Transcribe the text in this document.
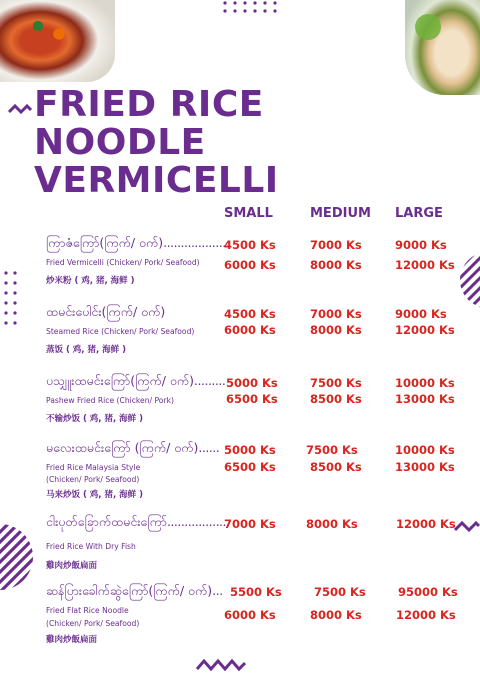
FRIED RICE
NOODLE
VERMICELLI
SMALL	MEDIUM LARGE
ကြာဇံကြော်(ကြက်/ ဝက်)...................
Fried Vermicelli (Chicken/ Pork/ Seafood)
炒米粉 ( 鸡, 猪, 海鲜 )
4500 Ks	7000 Ks	9000 Ks
6000 Ks	8000 Ks	12000 Ks
ထမင်းပေါင်း(ကြက်/ ဝက်)
Steamed Rice (Chicken/ Pork/ Seafood)
蒸饭 ( 鸡, 猪, 海鲜 )
4500 Ks	7000 Ks	9000 Ks
6000 Ks	8000 Ks	12000 Ks
ပသျှူးထမင်းကြော်(ကြက်/ ဝက်).........
Pashew Fried Rice (Chicken/ Pork)
不输炒饭 ( 鸡, 猪, 海鲜 )
5000 Ks	7500 Ks	10000 Ks
6500 Ks	8500 Ks	13000 Ks
မလေးထမင်းကြော် (ကြက်/ ဝက်)......
Fried Rice Malaysia Style
(Chicken/ Pork/ Seafood)
马来炒饭 ( 鸡, 猪, 海鲜 )
5000 Ks	7500 Ks	10000 Ks
6500 Ks	8500 Ks	13000 Ks
ငါးပုတ်ခြောက်ထမင်းကြော်..................
Fried Rice With Dry Fish
雞肉炒飯扁面
7000 Ks	8000 Ks	12000 Ks
ဆန်ပြားခေါက်ဆွဲကြော်(ကြက်/ ဝက်)...
Fried Flat Rice Noodle
(Chicken/ Pork/ Seafood)
雞肉炒飯扁面
5500 Ks	7500 Ks	95000 Ks
6000 Ks	8000 Ks	12000 Ks
